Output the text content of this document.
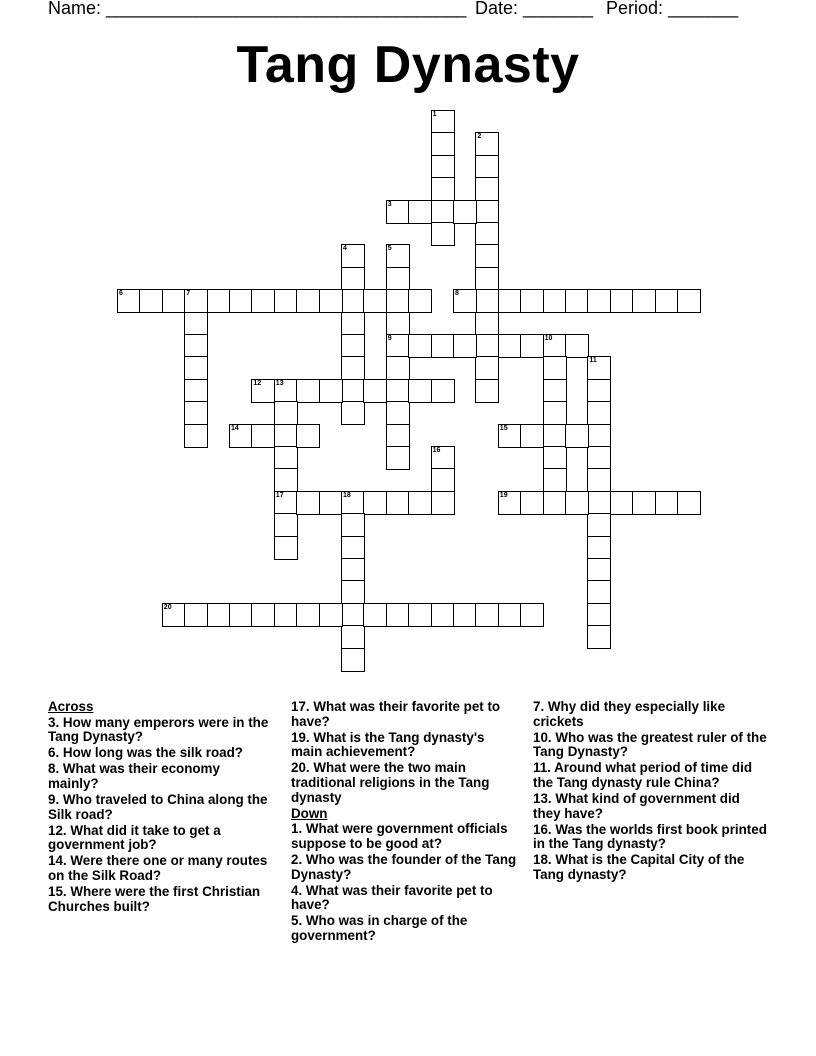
Name: ____________________________________ Date: _______ Period: _______
Tang Dynasty
1
2
3
4	5
9
6	7	8
10
11
12 13
17
14	15
16
18	19
20
Across
3. How many emperors were in the Tang Dynasty?
6. How long was the silk road?
8. What was their economy mainly?
9. Who traveled to China along the Silk road?
12. What did it take to get a government job?
14. Were there one or many routes on the Silk Road?
15. Where were the first Christian Churches built?
17. What was their favorite pet to have?
19. What is the Tang dynasty's main achievement?
20. What were the two main traditional religions in the Tang dynasty
Down
1. What were government officials suppose to be good at?
2. Who was the founder of the Tang Dynasty?
4. What was their favorite pet to have?
5. Who was in charge of the government?
7. Why did they especially like crickets
10. Who was the greatest ruler of the Tang Dynasty?
11. Around what period of time did the Tang dynasty rule China?
13. What kind of government did they have?
16. Was the worlds first book printed in the Tang dynasty?
18. What is the Capital City of the Tang dynasty?
